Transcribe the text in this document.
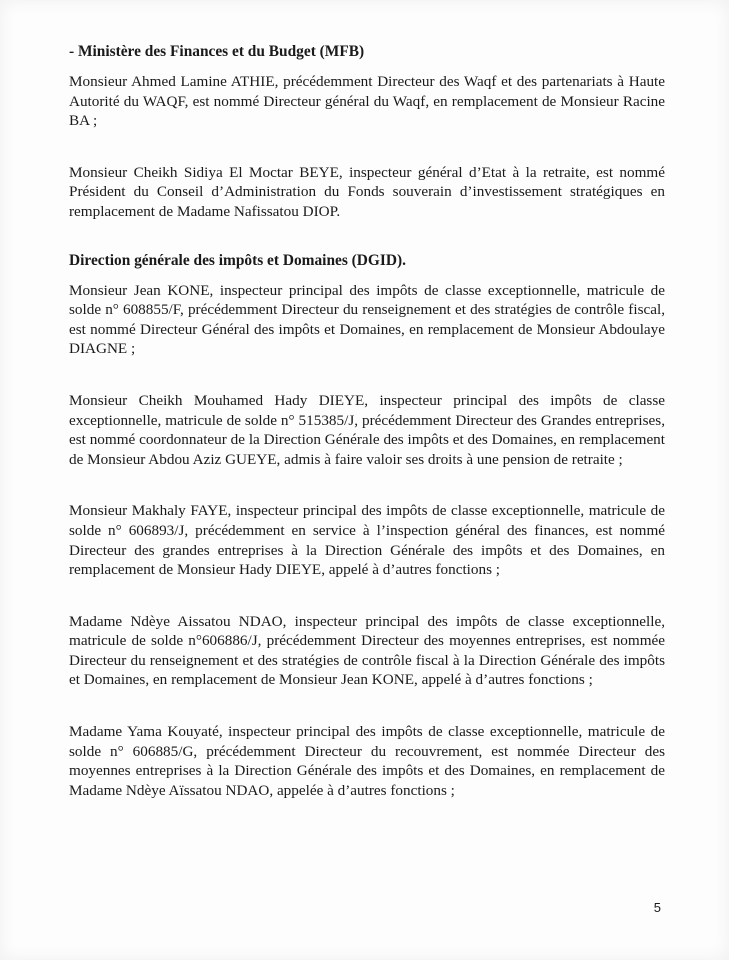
- Ministère des Finances et du Budget (MFB)

Monsieur Ahmed Lamine ATHIE, précédemment Directeur des Waqf et des partenariats à Haute Autorité du WAQF, est nommé Directeur général du Waqf, en remplacement de Monsieur Racine BA ;

Monsieur Cheikh Sidiya El Moctar BEYE, inspecteur général d’Etat à la retraite, est nommé Président du Conseil d’Administration du Fonds souverain d’investissement stratégiques en remplacement de Madame Nafissatou DIOP.

Direction générale des impôts et Domaines (DGID).

Monsieur Jean KONE, inspecteur principal des impôts de classe exceptionnelle, matricule de solde n° 608855/F, précédemment Directeur du renseignement et des stratégies de contrôle fiscal, est nommé Directeur Général des impôts et Domaines, en remplacement de Monsieur Abdoulaye DIAGNE ;

Monsieur Cheikh Mouhamed Hady DIEYE, inspecteur principal des impôts de classe exceptionnelle, matricule de solde n° 515385/J, précédemment Directeur des Grandes entreprises, est nommé coordonnateur de la Direction Générale des impôts et des Domaines, en remplacement de Monsieur Abdou Aziz GUEYE, admis à faire valoir ses droits à une pension de retraite ;

Monsieur Makhaly FAYE, inspecteur principal des impôts de classe exceptionnelle, matricule de solde n° 606893/J, précédemment en service à l’inspection général des finances, est nommé Directeur des grandes entreprises à la Direction Générale des impôts et des Domaines, en remplacement de Monsieur Hady DIEYE, appelé à d’autres fonctions ;

Madame Ndèye Aissatou NDAO, inspecteur principal des impôts de classe exceptionnelle, matricule de solde n°606886/J, précédemment Directeur des moyennes entreprises, est nommée Directeur du renseignement et des stratégies de contrôle fiscal à la Direction Générale des impôts et Domaines, en remplacement de Monsieur Jean KONE, appelé à d’autres fonctions ;

Madame Yama Kouyaté, inspecteur principal des impôts de classe exceptionnelle, matricule de solde n° 606885/G, précédemment Directeur du recouvrement, est nommée Directeur des moyennes entreprises à la Direction Générale des impôts et des Domaines, en remplacement de Madame Ndèye Aïssatou NDAO, appelée à d’autres fonctions ;

5
